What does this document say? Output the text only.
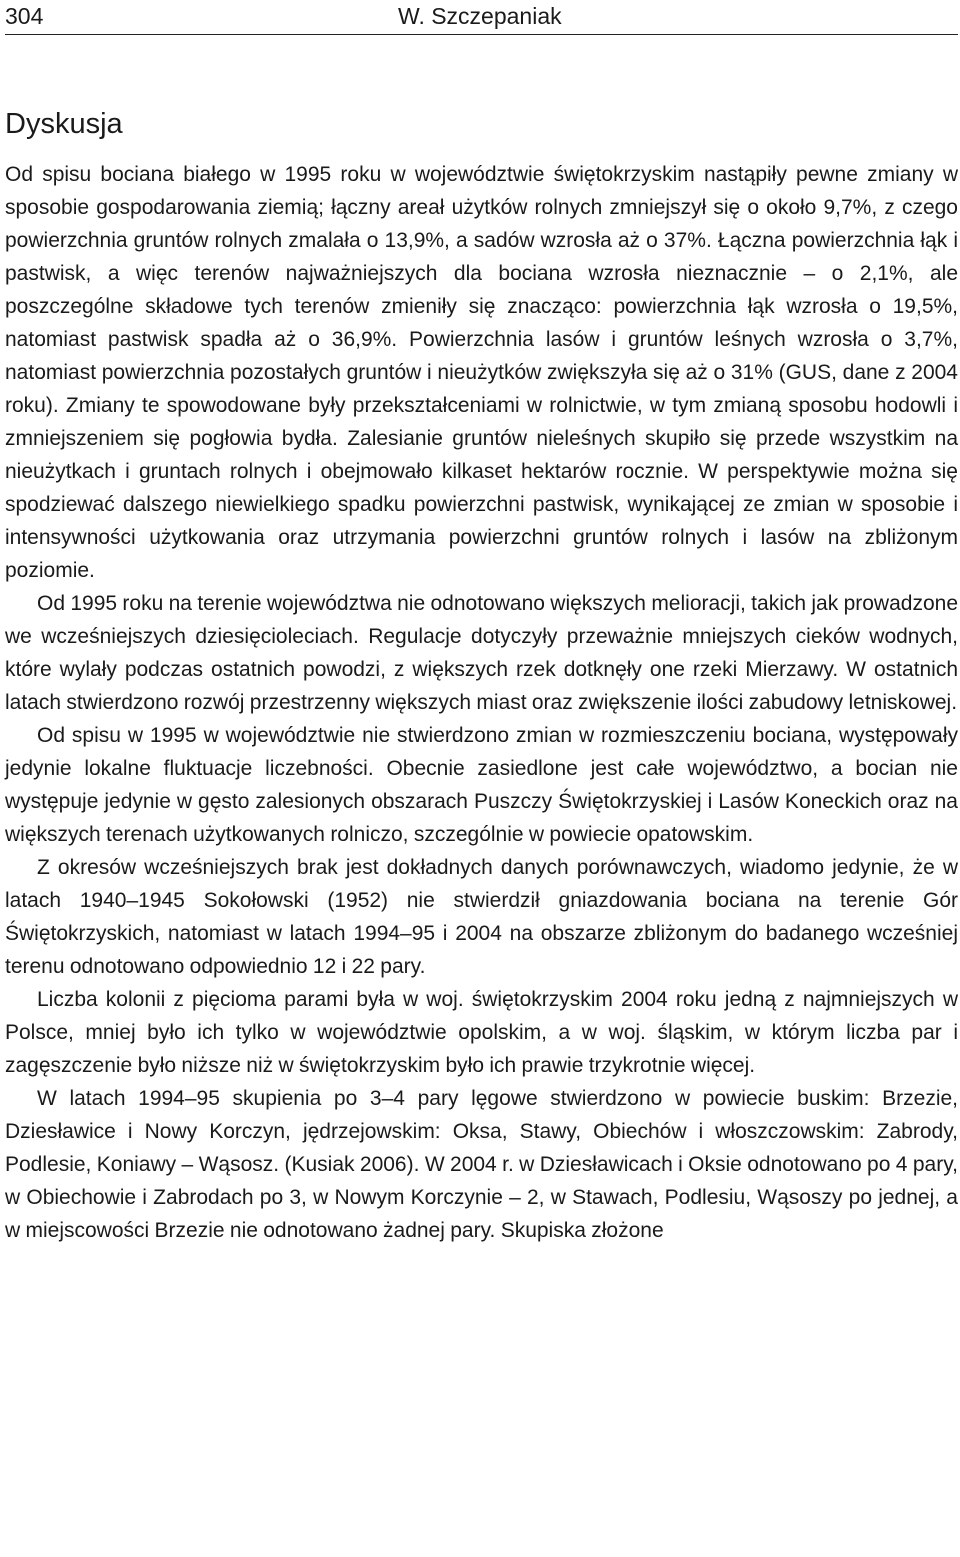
304	W. Szczepaniak
Dyskusja

Od spisu bociana białego w 1995 roku w województwie świętokrzyskim nastąpiły pewne zmiany w sposobie gospodarowania ziemią; łączny areał użytków rolnych zmniejszył się o około 9,7%, z czego powierzchnia gruntów rolnych zmalała o 13,9%, a sadów wzrosła aż o 37%. Łączna powierzchnia łąk i pastwisk, a więc terenów najważniejszych dla bociana wzrosła nieznacznie – o 2,1%, ale poszczególne składowe tych terenów zmieniły się znacząco: powierzchnia łąk wzrosła o 19,5%, natomiast pastwisk spadła aż o 36,9%. Powierzchnia lasów i gruntów leśnych wzrosła o 3,7%, natomiast powierzchnia pozostałych gruntów i nieużytków zwiększyła się aż o 31% (GUS, dane z 2004 roku). Zmiany te spowodowane były przekształceniami w rolnictwie, w tym zmianą sposobu hodowli i zmniejszeniem się pogłowia bydła. Zalesianie gruntów nieleśnych skupiło się przede wszystkim na nieużytkach i gruntach rolnych i obejmowało kilkaset hektarów rocznie. W perspektywie można się spodziewać dalszego niewielkiego spadku powierzchni pastwisk, wynikającej ze zmian w sposobie i intensywności użytkowania oraz utrzymania powierzchni gruntów rolnych i lasów na zbliżonym poziomie.

Od 1995 roku na terenie województwa nie odnotowano większych melioracji, takich jak prowadzone we wcześniejszych dziesięcioleciach. Regulacje dotyczyły przeważnie mniejszych cieków wodnych, które wylały podczas ostatnich powodzi, z większych rzek dotknęły one rzeki Mierzawy. W ostatnich latach stwierdzono rozwój przestrzenny większych miast oraz zwiększenie ilości zabudowy letniskowej.

Od spisu w 1995 w województwie nie stwierdzono zmian w rozmieszczeniu bociana, występowały jedynie lokalne fluktuacje liczebności. Obecnie zasiedlone jest całe województwo, a bocian nie występuje jedynie w gęsto zalesionych obszarach Puszczy Świętokrzyskiej i Lasów Koneckich oraz na większych terenach użytkowanych rolniczo, szczególnie w powiecie opatowskim.

Z okresów wcześniejszych brak jest dokładnych danych porównawczych, wiadomo jedynie, że w latach 1940–1945 Sokołowski (1952) nie stwierdził gniazdowania bociana na terenie Gór Świętokrzyskich, natomiast w latach 1994–95 i 2004 na obszarze zbliżonym do badanego wcześniej terenu odnotowano odpowiednio 12 i 22 pary.

Liczba kolonii z pięcioma parami była w woj. świętokrzyskim 2004 roku jedną z najmniejszych w Polsce, mniej było ich tylko w województwie opolskim, a w woj. śląskim, w którym liczba par i zagęszczenie było niższe niż w świętokrzyskim było ich prawie trzykrotnie więcej.

W latach 1994–95 skupienia po 3–4 pary lęgowe stwierdzono w powiecie buskim: Brzezie, Dziesławice i Nowy Korczyn, jędrzejowskim: Oksa, Stawy, Obiechów i włoszczowskim: Zabrody, Podlesie, Koniawy – Wąsosz. (Kusiak 2006). W 2004 r. w Dziesławicach i Oksie odnotowano po 4 pary, w Obiechowie i Zabrodach po 3, w Nowym Korczynie – 2, w Stawach, Podlesiu, Wąsoszy po jednej, a w miejscowości Brzezie nie odnotowano żadnej pary. Skupiska złożone
